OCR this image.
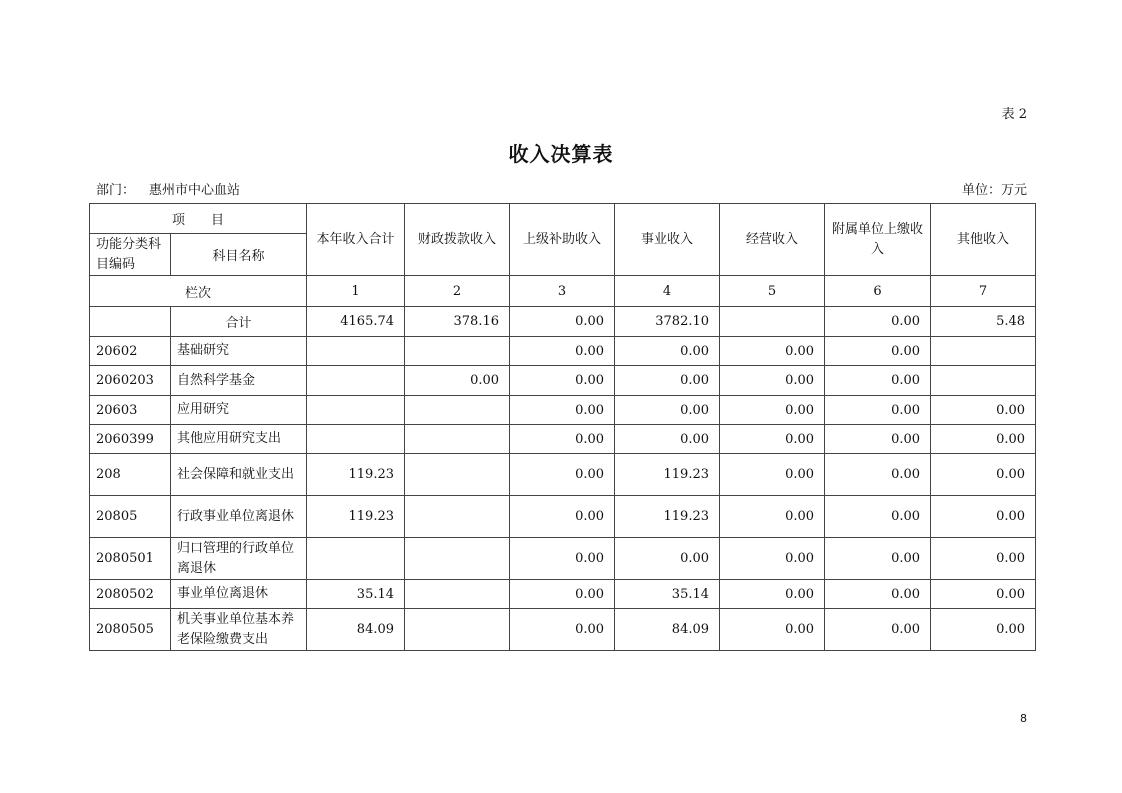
表 2
收入决算表
部门： 惠州市中心血站	单位：万元
项　　目		本年收入合计	财政拨款收入	上级补助收入	事业收入	经营收入	附属单位上缴收入	其他收入
功能分类科目编码	科目名称							
栏次		1	2	3	4	5	6	7
	合计	4165.74	378.16	0.00	3782.10		0.00	5.48
20602	基础研究			0.00	0.00	0.00	0.00	
2060203	自然科学基金		0.00	0.00	0.00	0.00	0.00	
20603	应用研究			0.00	0.00	0.00	0.00	0.00
2060399	其他应用研究支出			0.00	0.00	0.00	0.00	0.00
208	社会保障和就业支出	119.23		0.00	119.23	0.00	0.00	0.00
20805	行政事业单位离退休	119.23		0.00	119.23	0.00	0.00	0.00
2080501	归口管理的行政单位离退休			0.00	0.00	0.00	0.00	0.00
2080502	事业单位离退休	35.14		0.00	35.14	0.00	0.00	0.00
2080505	机关事业单位基本养老保险缴费支出	84.09		0.00	84.09	0.00	0.00	0.00
8
